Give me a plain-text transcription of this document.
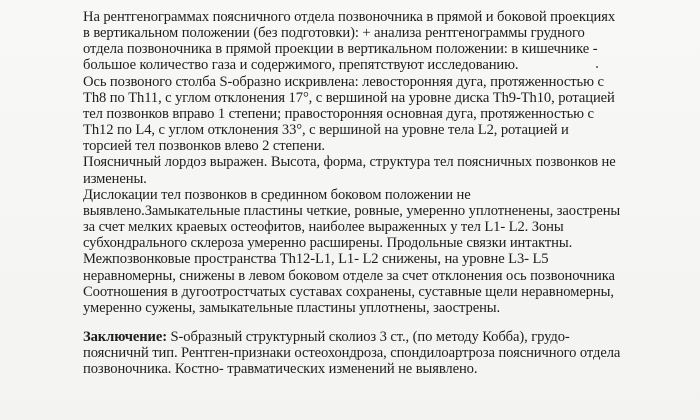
На рентгенограммах поясничного отдела позвоночника в прямой и боковой проекциях
в вертикальном положении (без подготовки): + анализа рентгенограммы грудного
отдела позвоночника в прямой проекции в вертикальном положении: в кишечнике -
большое количество газа и содержимого, препятствуют исследованию.
Ось позвоного столба S-образно искривлена: левосторонняя дуга, протяженностью с
Th8 по Th11, с углом отклонения 17°, с вершиной на уровне диска Th9-Th10, ротацией
тел позвонков вправо 1 степени; правосторонняя основная дуга, протяженностью с
Th12 по L4, с углом отклонения 33°, с вершиной на уровне тела L2, ротацией и
торсией тел позвонков влево 2 степени.
Поясничный лордоз выражен. Высота, форма, структура тел поясничных позвонков не
изменены.
Дислокации тел позвонков в срединном боковом положении не
выявлено.Замыкательные пластины четкие, ровные, умеренно уплотненены, заострены
за счет мелких краевых остеофитов, наиболее выраженных у тел L1- L2. Зоны
субхондрального склероза умеренно расширены. Продольные связки интактны.
Межпозвонковые пространства Th12-L1, L1- L2 снижены, на уровне L3- L5
неравномерны, снижены в левом боковом отделе за счет отклонения ось позвоночника
Соотношения в дугоотростчатых суставах сохранены, суставные щели неравномерны,
умеренно сужены, замыкательные пластины уплотнены, заострены.
Заключение: S-образный структурный сколиоз 3 ст., (по методу Кобба), грудо-
поясничнй тип. Рентген-признаки остеохондроза, спондилоартроза поясничного отдела
позвоночника. Костно- травматических изменений не выявлено.
